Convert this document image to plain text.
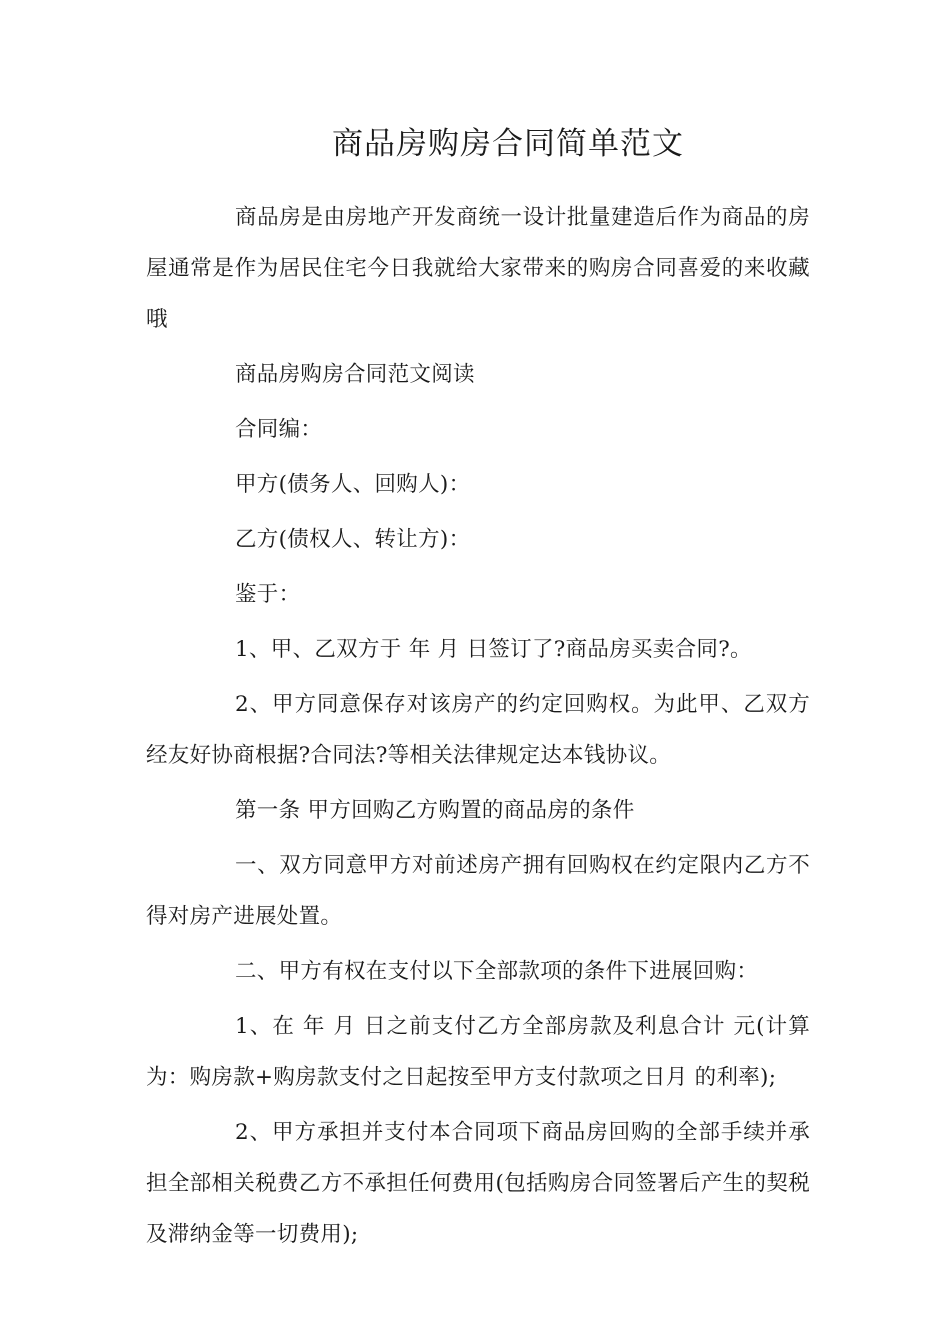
商品房购房合同简单范文

商品房是由房地产开发商统一设计批量建造后作为商品的房屋通常是作为居民住宅今日我就给大家带来的购房合同喜爱的来收藏哦

商品房购房合同范文阅读

合同编：

甲方(债务人、回购人)：

乙方(债权人、转让方)：

鉴于：

1、甲、乙双方于 年 月 日签订了?商品房买卖合同?。

2、甲方同意保存对该房产的约定回购权。为此甲、乙双方经友好协商根据?合同法?等相关法律规定达本钱协议。

第一条 甲方回购乙方购置的商品房的条件

一、双方同意甲方对前述房产拥有回购权在约定限内乙方不得对房产进展处置。

二、甲方有权在支付以下全部款项的条件下进展回购：

1、在 年 月 日之前支付乙方全部房款及利息合计 元(计算为：购房款+购房款支付之日起按至甲方支付款项之日月 的利率);

2、甲方承担并支付本合同项下商品房回购的全部手续并承担全部相关税费乙方不承担任何费用(包括购房合同签署后产生的契税及滞纳金等一切费用);
